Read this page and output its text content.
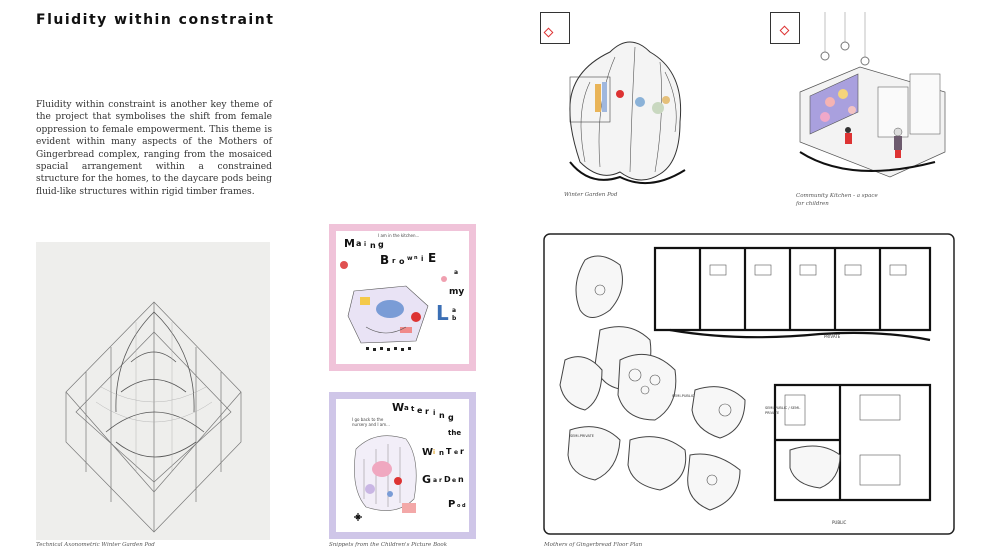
Fluidity within constraint
Fluidity within constraint is another key theme of the project that symbolises the shift from female oppression to female empowerment. This theme is evident within many aspects of the Mothers of Gingerbread complex, ranging from the mosaiced spacial arrangement within a constrained structure for the homes, to the daycare pods being fluid-like structures within rigid timber frames.	Winter Garden Pod	Community Kitchen - a space for children
Technical Axonometric Winter Garden Pod
I am in the kitchen...
M a i n g
B r o w n i E
a
my
L a
b
I go back to the nursery and I am...
W a t e r i n g
the
W i n T e r
G a r D e n
P o d
Snippets from the Children's Picture Book
PRIVATE
PUBLIC
SEMI-PUBLIC / SEMI-PRIVATE
SEMI-PUBLIC
SEMI-PRIVATE
Mothers of Gingerbread Floor Plan
